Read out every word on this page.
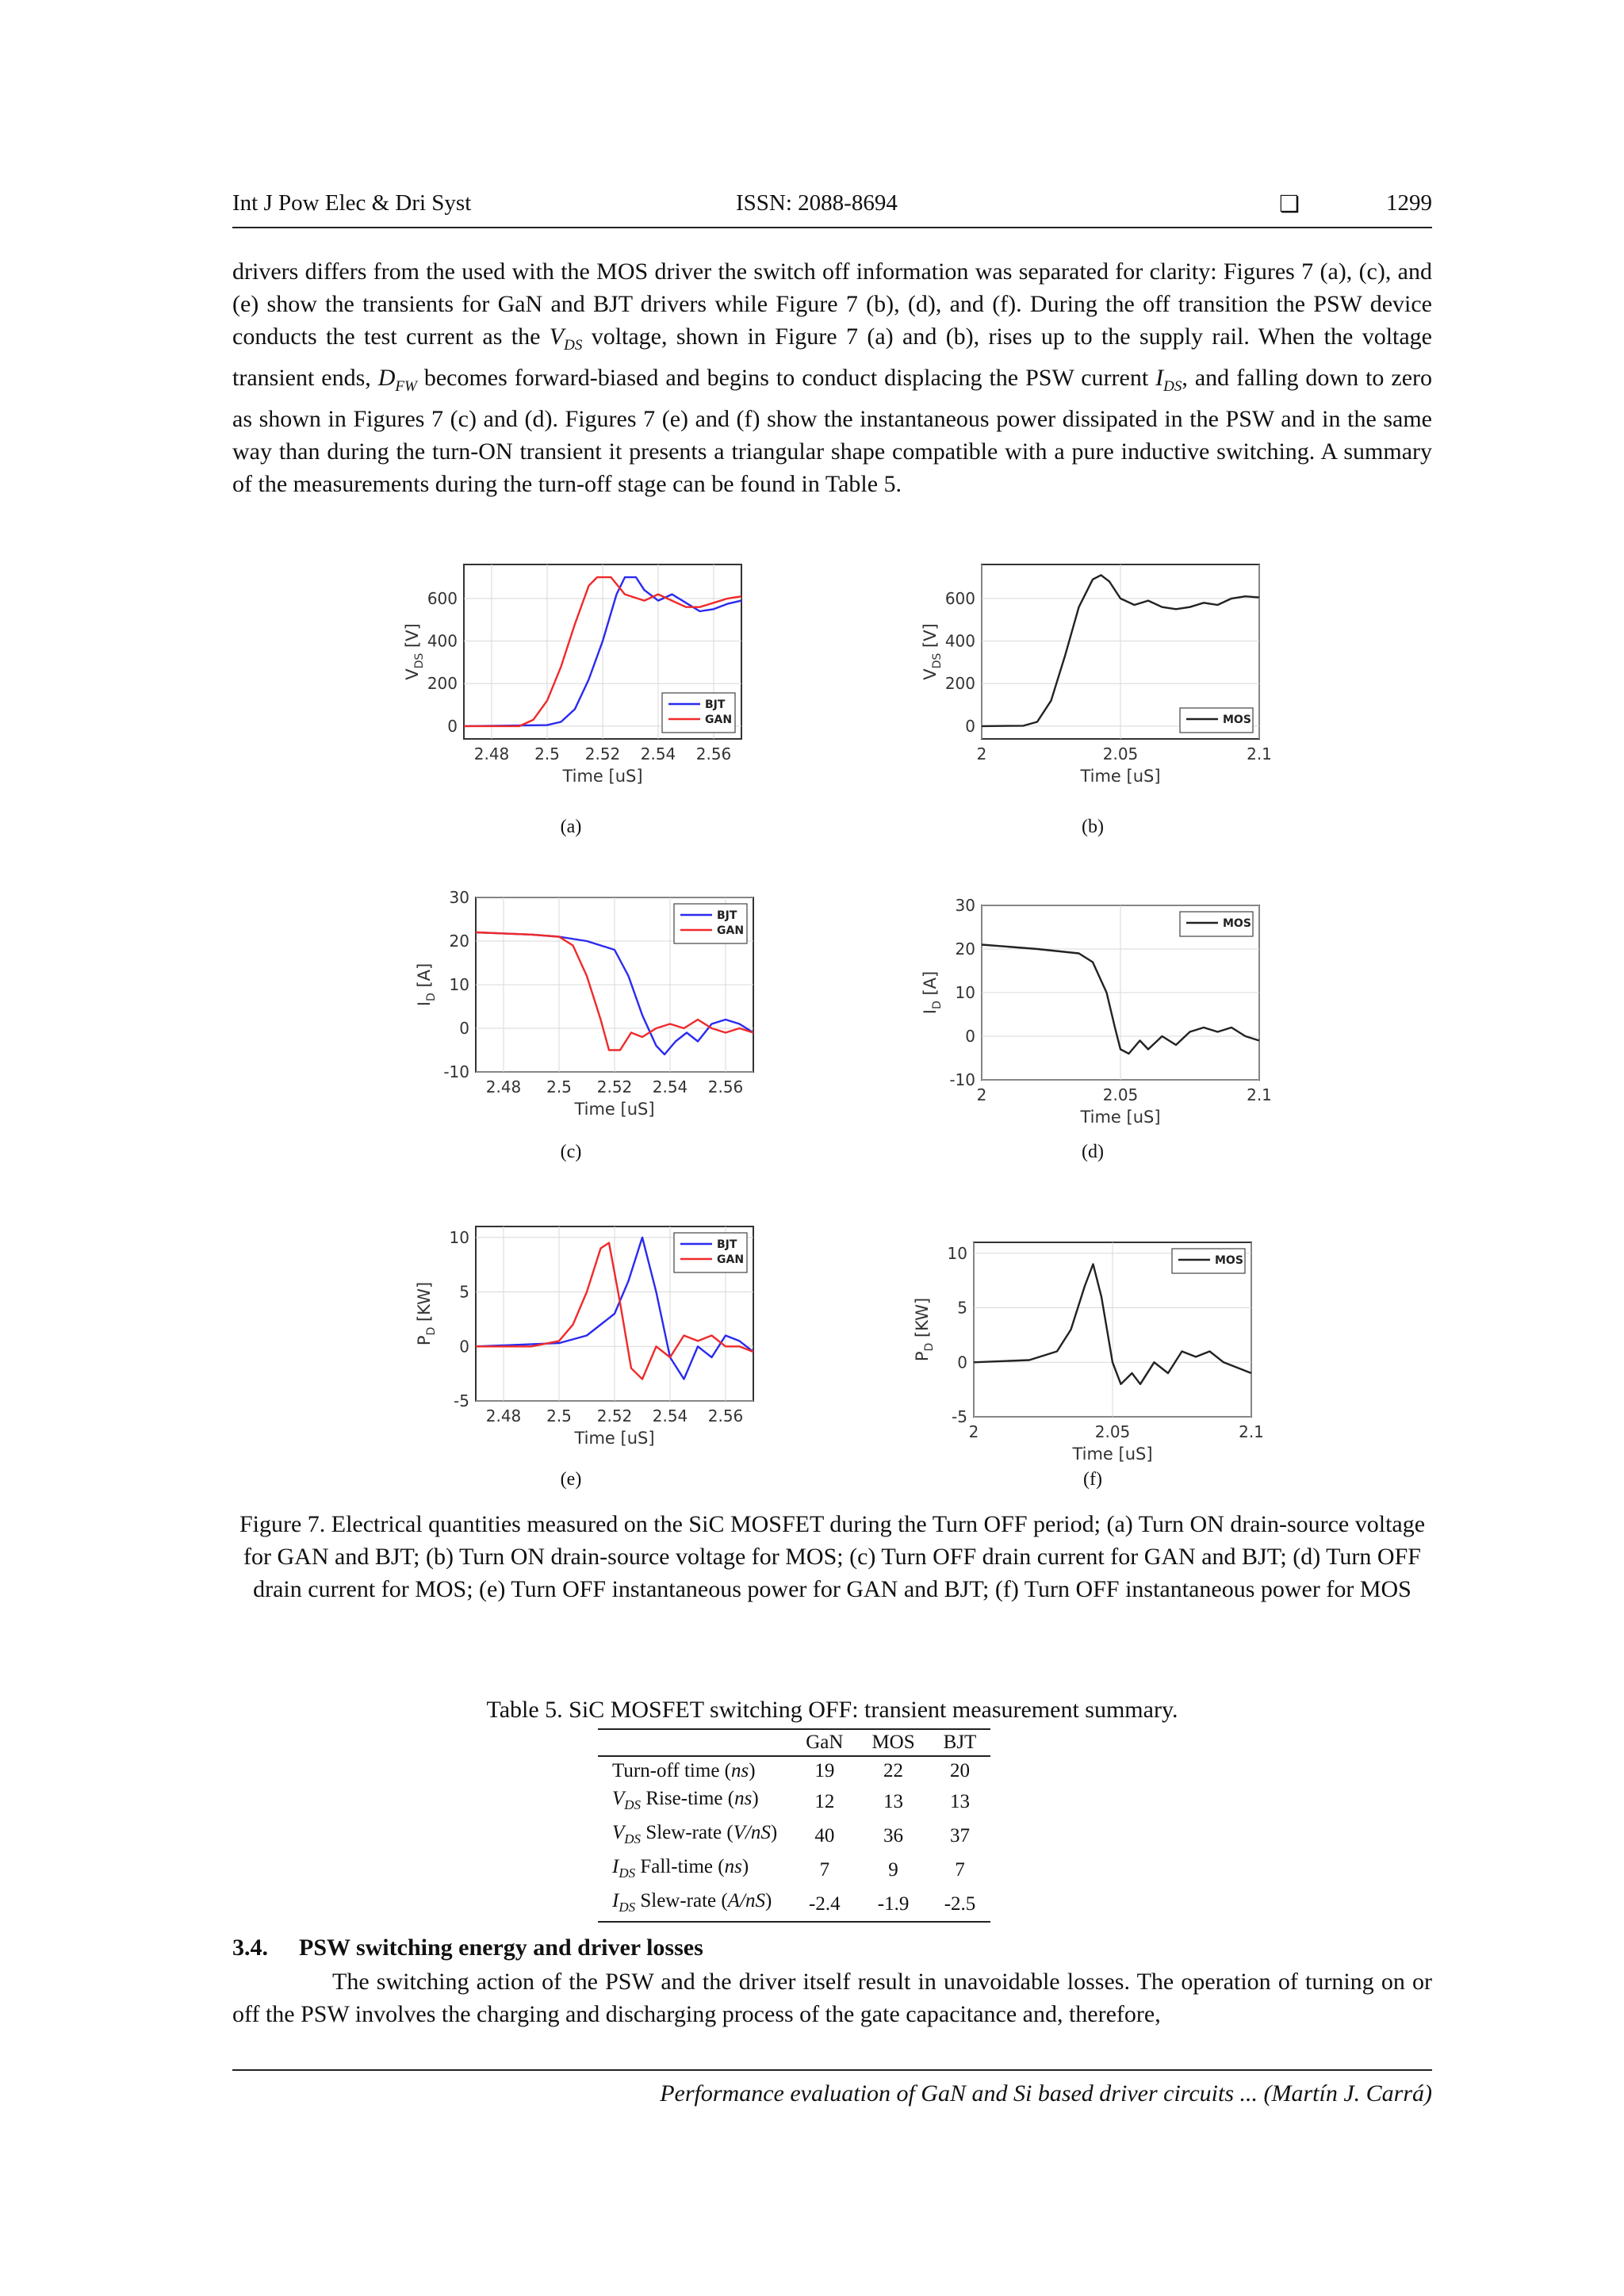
Int J Pow Elec & Dri Syst	ISSN: 2088-8694	❏	1299

drivers differs from the used with the MOS driver the switch off information was separated for clarity: Figures 7 (a), (c), and (e) show the transients for GaN and BJT drivers while Figure 7 (b), (d), and (f). During the off transition the PSW device conducts the test current as the $V_{DS}$ voltage, shown in Figure 7 (a) and (b), rises up to the supply rail. When the voltage transient ends, $D_{FW}$ becomes forward-biased and begins to conduct displacing the PSW current $I_{DS}$, and falling down to zero as shown in Figures 7 (c) and (d). Figures 7 (e) and (f) show the instantaneous power dissipated in the PSW and in the same way than during the turn-ON transient it presents a triangular shape compatible with a pure inductive switching. A summary of the measurements during the turn-off stage can be found in Table 5.

2.48 2.5 2.52 2.54 2.56
0
200
400
600
Time [uS]
$V_{DS}$ [V]
BJT
GAN
(a)
2	2.05	2.1
0
200
400
600
Time [uS]
$V_{DS}$ [V]
MOS
(b)
2.48 2.5 2.52 2.54 2.56
-10
0
10
20
30
Time [uS]
$I_D$ [A]
BJT
GAN
(c)
2	2.05	2.1
-10
0
10
20
30
Time [uS]
$I_D$ [A]
MOS
(d)
2.48 2.5 2.52 2.54 2.56
-5
0
5
10
Time [uS]
$P_D$ [KW]
BJT
GAN
(e)
2	2.05	2.1
-5
0
5
10
Time [uS]
$P_D$ [KW]
MOS
(f)

Figure 7. Electrical quantities measured on the SiC MOSFET during the Turn OFF period; (a) Turn ON drain-source voltage for GAN and BJT; (b) Turn ON drain-source voltage for MOS; (c) Turn OFF drain current for GAN and BJT; (d) Turn OFF drain current for MOS; (e) Turn OFF instantaneous power for GAN and BJT; (f) Turn OFF instantaneous power for MOS

Table 5. SiC MOSFET switching OFF: transient measurement summary.

	GaN	MOS	BJT
Turn-off time (ns)	19	22	20
$V_{DS}$ Rise-time (ns)	12	13	13
$V_{DS}$ Slew-rate (V/nS)	40	36	37
$I_{DS}$ Fall-time (ns)	7	9	7
$I_{DS}$ Slew-rate (A/nS)	-2.4	-1.9	-2.5

3.4. PSW switching energy and driver losses

The switching action of the PSW and the driver itself result in unavoidable losses. The operation of turning on or off the PSW involves the charging and discharging process of the gate capacitance and, therefore,

Performance evaluation of GaN and Si based driver circuits ... (Martín J. Carrá)
